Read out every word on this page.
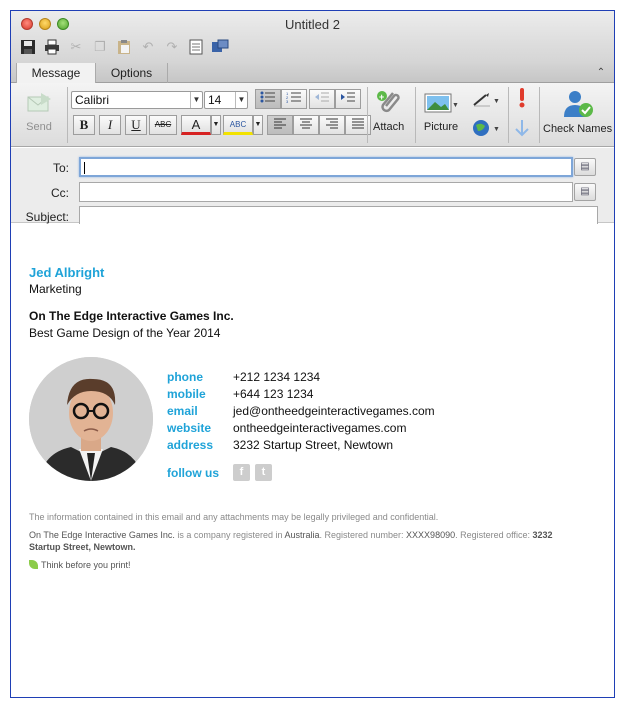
Untitled 2
✂ ❐	↶ ↷
Message	Options	⌃
Send
Calibri	▼ 14	▼
1
2
3
B	I	U	ABC	A	▼	ABC	▼
+
Attach
▼
Picture
▼
▼	Check Names
To:	▤
Cc:	▤
Subject:
Jed Albright
Marketing
On The Edge Interactive Games Inc.
Best Game Design of the Year 2014
phone	+212 1234 1234
mobile +644 123 1234
email	jed@ontheedgeinteractivegames.com
website ontheedgeinteractivegames.com
address 3232 Startup Street, Newtown
follow us	f	t
The information contained in this email and any attachments may be legally privileged and confidential.
On The Edge Interactive Games Inc. is a company registered in Australia. Registered number: XXXX98090. Registered office: 3232
Startup Street, Newtown.
Think before you print!
